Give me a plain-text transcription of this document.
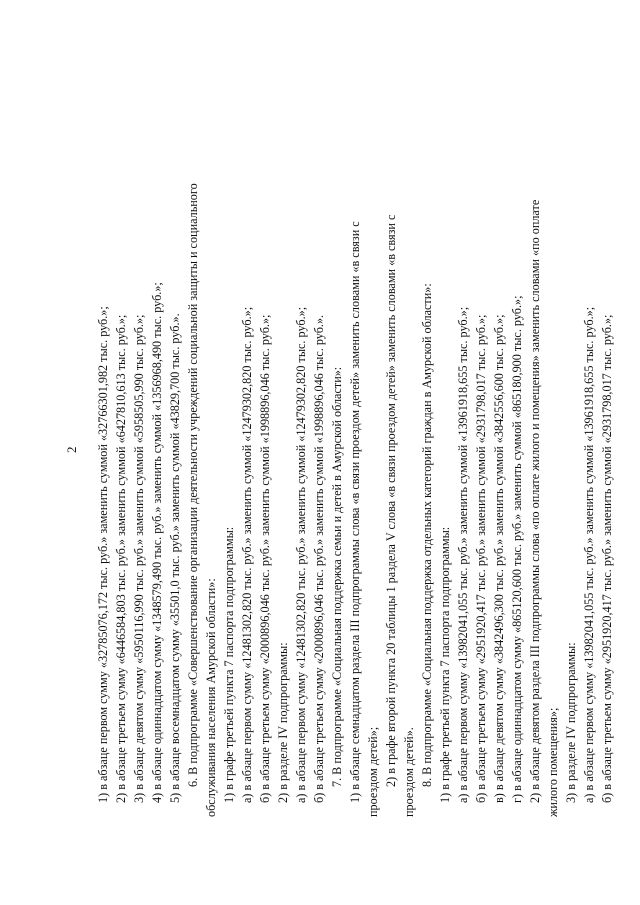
2 1) в абзаце первом сумму «32785076,172 тыс. руб.» заменить суммой «32766301,982 тыс. руб.»; 2) в абзаце третьем сумму «6446584,803 тыс. руб.» заменить суммой «6427810,613 тыс. руб.»; 3) в абзаце девятом сумму «5950116,990 тыс. руб.» заменить суммой «5958505,990 тыс. руб.»; 4) в абзаце одиннадцатом сумму «1348579,490 тыс. руб.» заменить суммой «1356968,490 тыс. руб.»; 5) в абзаце восемнадцатом сумму «35501,0 тыс. руб.» заменить суммой «43829,700 тыс. руб.». 6. В подпрограмме «Совершенствование организации деятельности учреждений социальной защиты и социального обслуживания населения Амурской области»: 1) в графе третьей пункта 7 паспорта подпрограммы: а) в абзаце первом сумму «12481302,820 тыс. руб.» заменить суммой «12479302,820 тыс. руб.»; б) в абзаце третьем сумму «2000896,046 тыс. руб.» заменить суммой «1998896,046 тыс. руб.»; 2) в разделе IV подпрограммы: а) в абзаце первом сумму «12481302,820 тыс. руб.» заменить суммой «12479302,820 тыс. руб.»; б) в абзаце третьем сумму «2000896,046 тыс. руб.» заменить суммой «1998896,046 тыс. руб.». 7. В подпрограмме «Социальная поддержка семьи и детей в Амурской области»: 1) в абзаце семнадцатом раздела III подпрограммы слова «в связи проездом детей» заменить словами «в связи с проездом детей»; 2) в графе второй пункта 20 таблицы 1 раздела V слова «в связи проездом детей» заменить словами «в связи с проездом детей». 8. В подпрограмме «Социальная поддержка отдельных категорий граждан в Амурской области»: 1) в графе третьей пункта 7 паспорта подпрограммы: а) в абзаце первом сумму «13982041,055 тыс. руб.» заменить суммой «13961918,655 тыс. руб.»; б) в абзаце третьем сумму «2951920,417 тыс. руб.» заменить суммой «2931798,017 тыс. руб.»; в) в абзаце девятом сумму «3842496,300 тыс. руб.» заменить суммой «3842556,600 тыс. руб.»; г) в абзаце одиннадцатом сумму «865120,600 тыс. руб.» заменить суммой «865180,900 тыс. руб.»; 2) в абзаце девятом раздела III подпрограммы слова «по оплате жилого и помещения» заменить словами «по оплате жилого помещения»; 3) в разделе IV подпрограммы: а) в абзаце первом сумму «13982041,055 тыс. руб.» заменить суммой «13961918,655 тыс. руб.»; б) в абзаце третьем сумму «2951920,417 тыс. руб.» заменить суммой «2931798,017 тыс. руб.»;
